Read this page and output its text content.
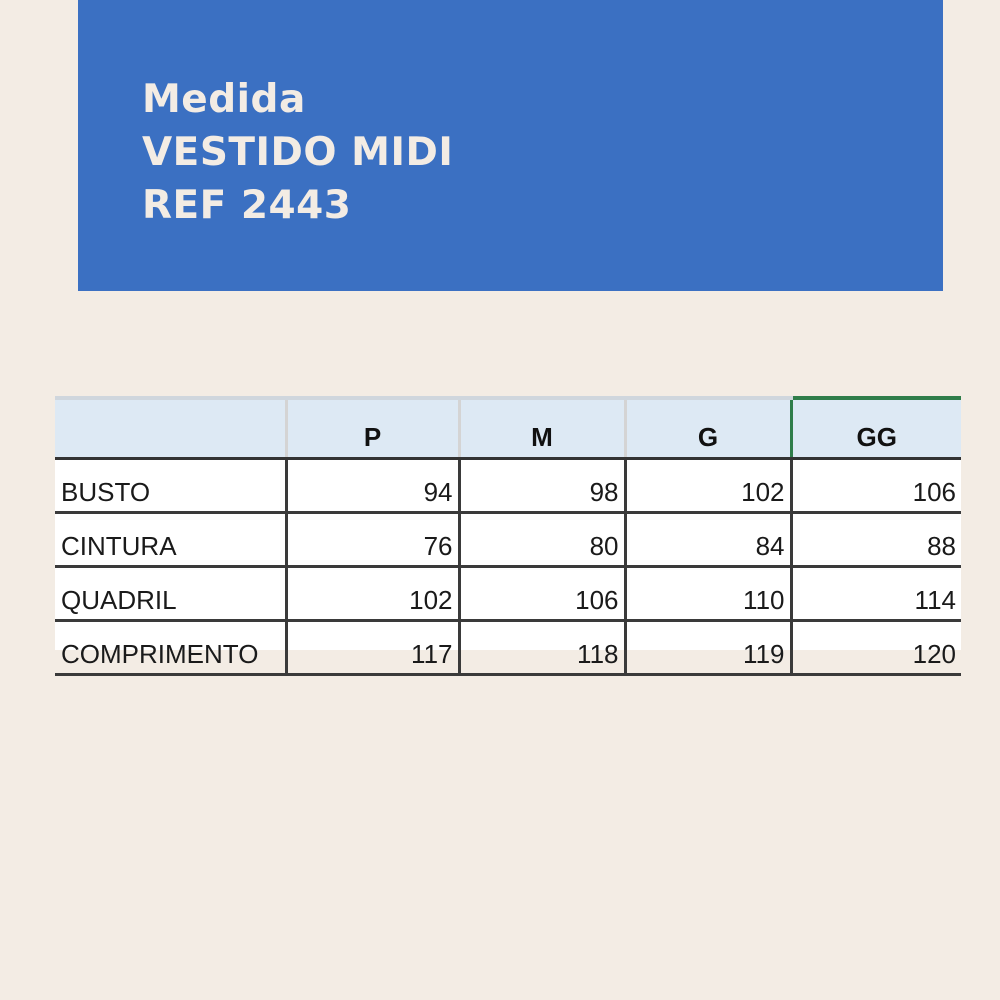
Medida
VESTIDO MIDI
REF 2443
	P	M	G	GG
BUSTO	94	98	102	106
CINTURA	76	80	84	88
QUADRIL	102	106	110	114
COMPRIMENTO	117	118	119	120
